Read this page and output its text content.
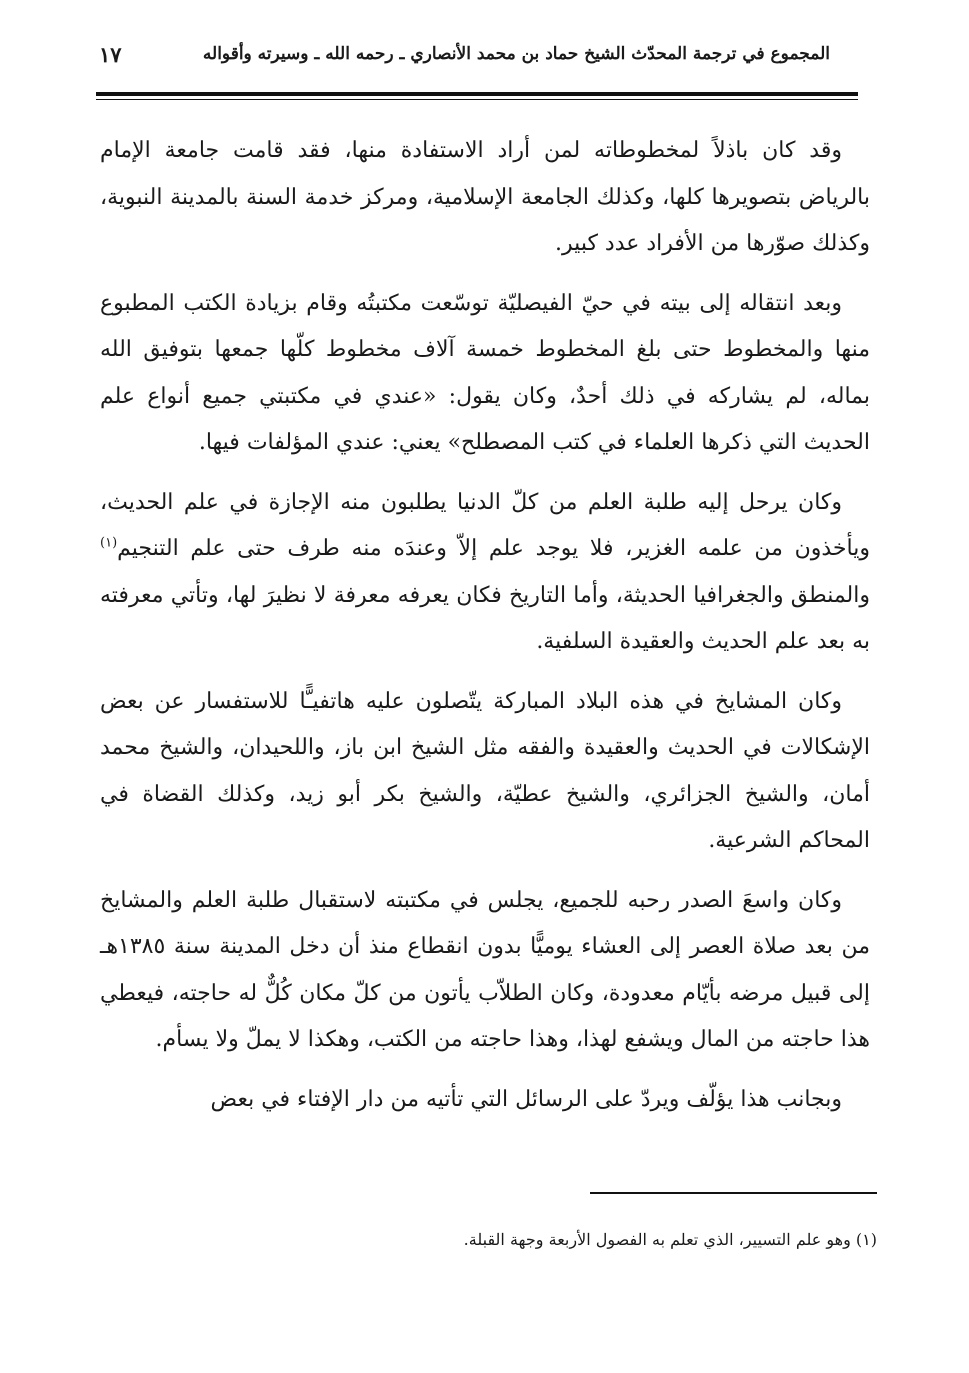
المجموع في ترجمة المحدّث الشيخ حماد بن محمد الأنصاري ـ رحمه الله ـ وسيرته وأقواله
١٧

وقد كان باذلاً لمخطوطاته لمن أراد الاستفادة منها، فقد قامت جامعة الإمام بالرياض بتصويرها كلها، وكذلك الجامعة الإسلامية، ومركز خدمة السنة بالمدينة النبوية، وكذلك صوّرها من الأفراد عدد كبير.

وبعد انتقاله إلى بيته في حيّ الفيصليّة توسّعت مكتبتُه وقام بزيادة الكتب المطبوع منها والمخطوط حتى بلغ المخطوط خمسة آلاف مخطوط كلّها جمعها بتوفيق الله بماله، لم يشاركه في ذلك أحدٌ، وكان يقول: «عندي في مكتبتي جميع أنواع علم الحديث التي ذكرها العلماء في كتب المصطلح» يعني: عندي المؤلفات فيها.

وكان يرحل إليه طلبة العلم من كلّ الدنيا يطلبون منه الإجازة في علم الحديث، ويأخذون من علمه الغزير، فلا يوجد علم إلاّ وعندَه منه طرف حتى علم التنجيم$^{(١)}$ والمنطق والجغرافيا الحديثة، وأما التاريخ فكان يعرفه معرفة لا نظيرَ لها، وتأتي معرفته به بعد علم الحديث والعقيدة السلفية.

وكان المشايخ في هذه البلاد المباركة يتّصلون عليه هاتفيـًّا للاستفسار عن بعض الإشكالات في الحديث والعقيدة والفقه مثل الشيخ ابن باز، واللحيدان، والشيخ محمد أمان، والشيخ الجزائري، والشيخ عطيّة، والشيخ بكر أبو زيد، وكذلك القضاة في المحاكم الشرعية.

وكان واسعَ الصدر رحبه للجميع، يجلس في مكتبته لاستقبال طلبة العلم والمشايخ من بعد صلاة العصر إلى العشاء يوميًّا بدون انقطاع منذ أن دخل المدينة سنة ١٣٨٥هـ إلى قبيل مرضه بأيّام معدودة، وكان الطلاّب يأتون من كلّ مكان كُلٌّ له حاجته، فيعطي هذا حاجته من المال ويشفع لهذا، وهذا حاجته من الكتب، وهكذا لا يملّ ولا يسأم.

وبجانب هذا يؤلّف ويردّ على الرسائل التي تأتيه من دار الإفتاء في بعض

(١) وهو علم التسيير، الذي تعلم به الفصول الأربعة وجهة القبلة.
